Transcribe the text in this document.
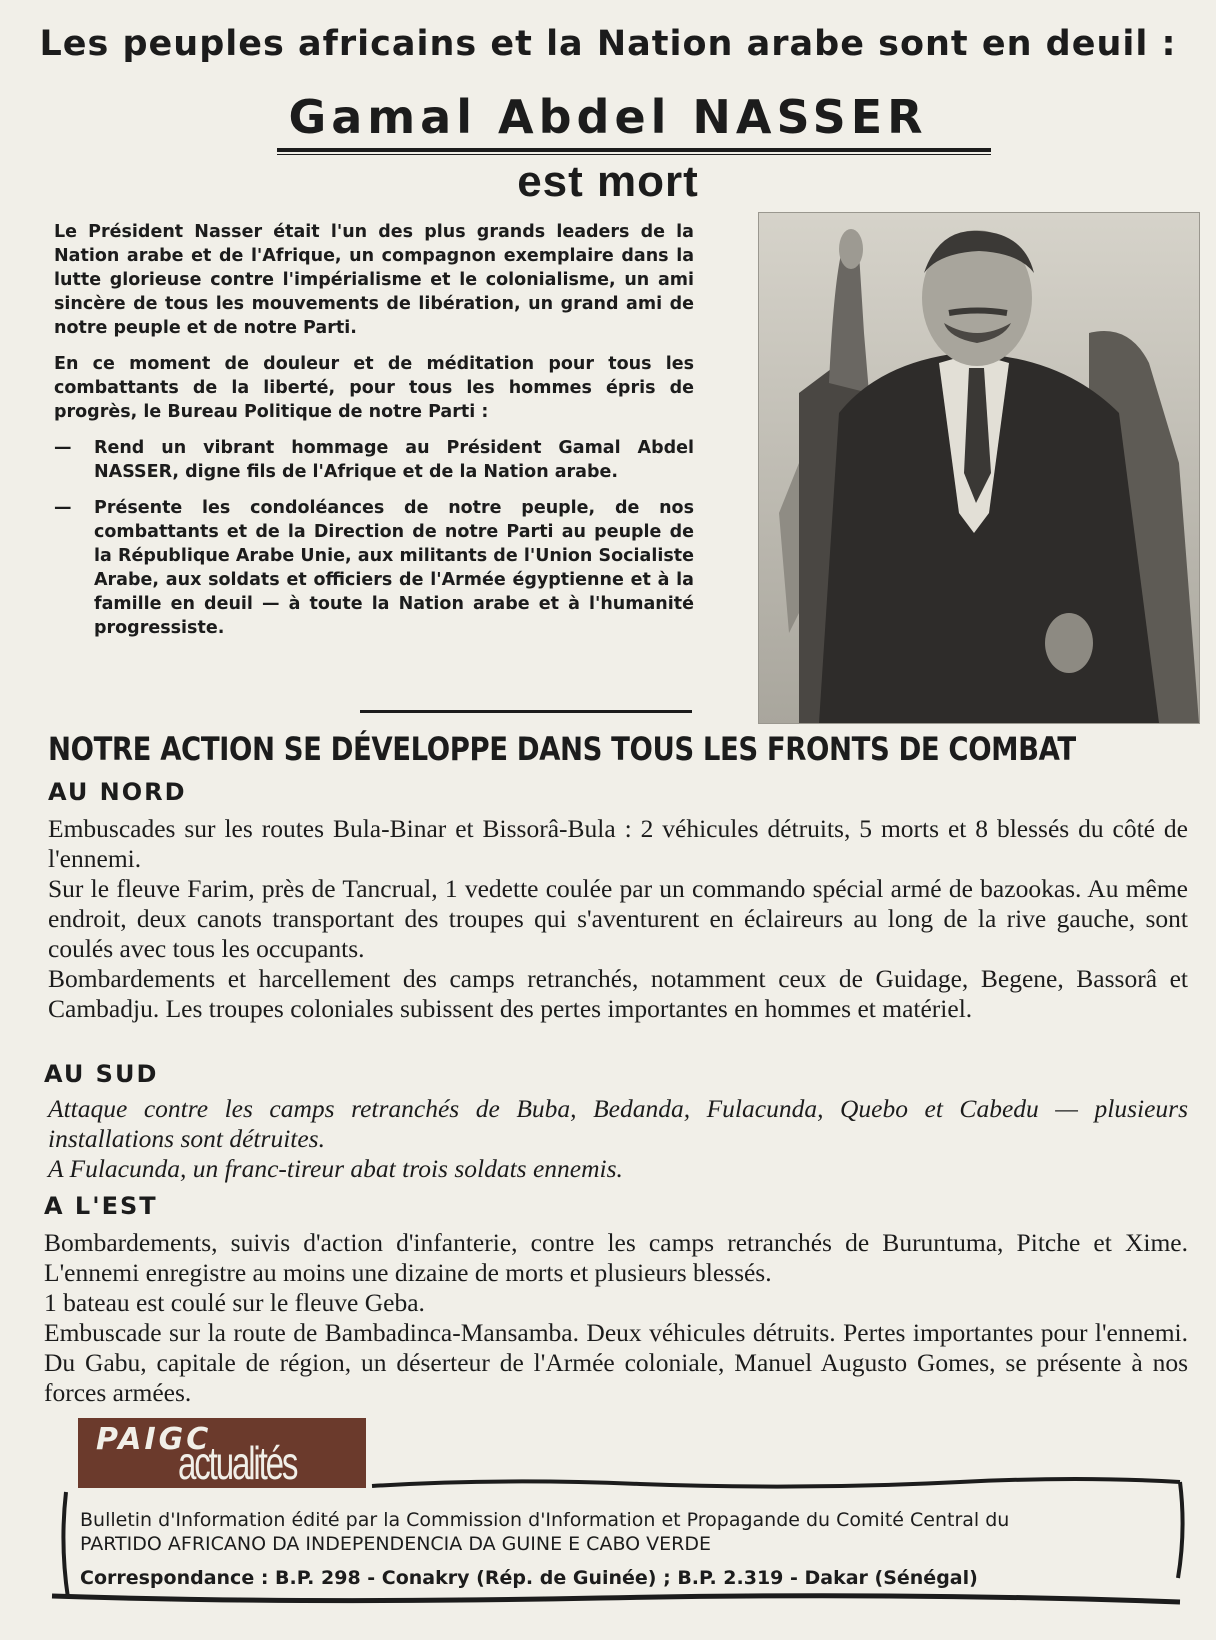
Les peuples africains et la Nation arabe sont en deuil :
Gamal Abdel NASSER
est mort

Le Président Nasser était l'un des plus grands leaders de la Nation arabe et de l'Afrique, un compagnon exemplaire dans la lutte glorieuse contre l'impérialisme et le colonialisme, un ami sincère de tous les mouvements de libération, un grand ami de notre peuple et de notre Parti.

En ce moment de douleur et de méditation pour tous les combattants de la liberté, pour tous les hommes épris de progrès, le Bureau Politique de notre Parti :

—	Rend un vibrant hommage au Président Gamal Abdel NASSER, digne fils de l'Afrique et de la Nation arabe.
—	Présente les condoléances de notre peuple, de nos combattants et de la Direction de notre Parti au peuple de la République Arabe Unie, aux militants de l'Union Socialiste Arabe, aux soldats et officiers de l'Armée égyptienne et à la famille en deuil — à toute la Nation arabe et à l'humanité progressiste.
NOTRE ACTION SE DÉVELOPPE DANS TOUS LES FRONTS DE COMBAT
AU NORD

Embuscades sur les routes Bula-Binar et Bissorâ-Bula : 2 véhicules détruits, 5 morts et 8 blessés du côté de l'ennemi.

Sur le fleuve Farim, près de Tancrual, 1 vedette coulée par un commando spécial armé de bazookas. Au même endroit, deux canots transportant des troupes qui s'aventurent en éclaireurs au long de la rive gauche, sont coulés avec tous les occupants.

Bombardements et harcellement des camps retranchés, notamment ceux de Guidage, Begene, Bassorâ et Cambadju. Les troupes coloniales subissent des pertes importantes en hommes et matériel.

AU SUD

Attaque contre les camps retranchés de Buba, Bedanda, Fulacunda, Quebo et Cabedu — plusieurs installations sont détruites.

A Fulacunda, un franc-tireur abat trois soldats ennemis.

A L'EST

Bombardements, suivis d'action d'infanterie, contre les camps retranchés de Buruntuma, Pitche et Xime. L'ennemi enregistre au moins une dizaine de morts et plusieurs blessés.

1 bateau est coulé sur le fleuve Geba.

Embuscade sur la route de Bambadinca-Mansamba. Deux véhicules détruits. Pertes importantes pour l'ennemi. Du Gabu, capitale de région, un déserteur de l'Armée coloniale, Manuel Augusto Gomes, se présente à nos forces armées.

PAIGC
actualités
Bulletin d'Information édité par la Commission d'Information et Propagande du Comité Central du
PARTIDO AFRICANO DA INDEPENDENCIA DA GUINE E CABO VERDE
Correspondance : B.P. 298 - Conakry (Rép. de Guinée) ; B.P. 2.319 - Dakar (Sénégal)
